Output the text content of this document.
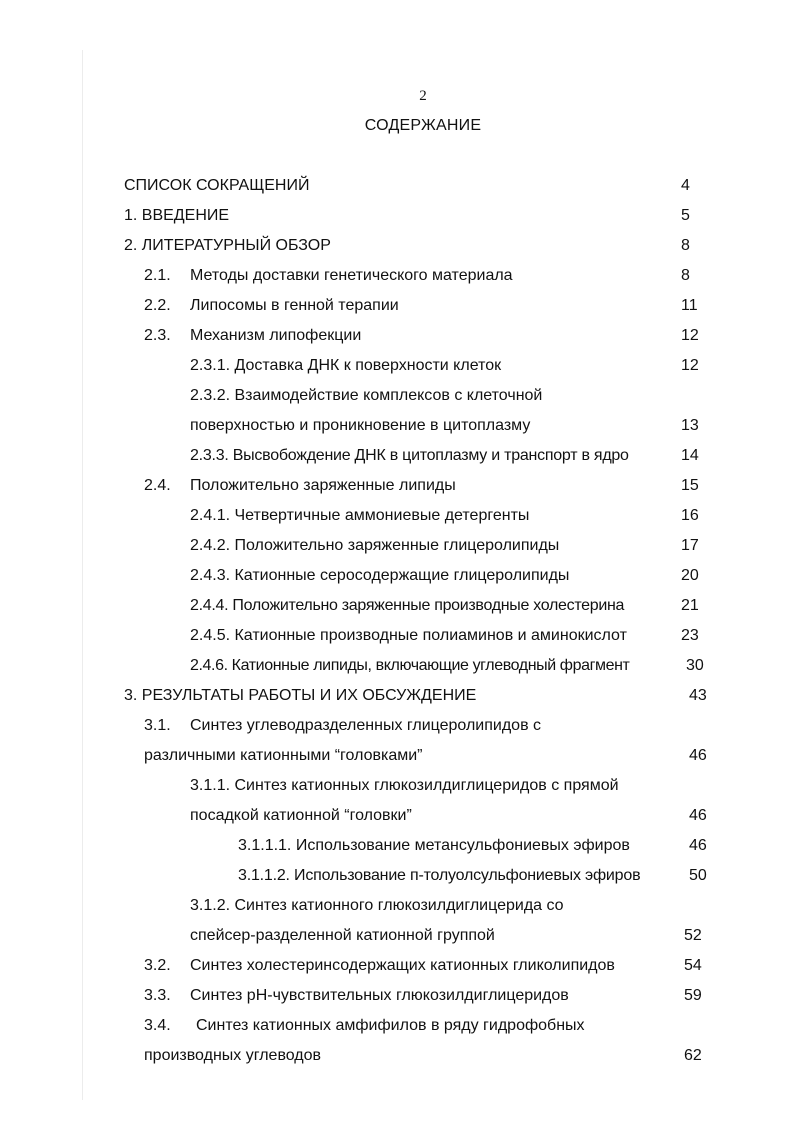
2
СОДЕРЖАНИЕ
СПИСОК СОКРАЩЕНИЙ	4
1. ВВЕДЕНИЕ	5
2. ЛИТЕРАТУРНЫЙ ОБЗОР	8
2.1. Методы доставки генетического материала	8
2.2. Липосомы в генной терапии	11
2.3. Механизм липофекции	12
2.3.1. Доставка ДНК к поверхности клеток	12
2.3.2. Взаимодействие комплексов с клеточной
поверхностью и проникновение в цитоплазму	13
2.3.3. Высвобождение ДНК в цитоплазму и транспорт в ядро	14
2.4. Положительно заряженные липиды	15
2.4.1. Четвертичные аммониевые детергенты	16
2.4.2. Положительно заряженные глицеролипиды	17
2.4.3. Катионные серосодержащие глицеролипиды	20
2.4.4. Положительно заряженные производные холестерина	21
2.4.5. Катионные производные полиаминов и аминокислот	23
2.4.6. Катионные липиды, включающие углеводный фрагмент	30
3. РЕЗУЛЬТАТЫ РАБОТЫ И ИХ ОБСУЖДЕНИЕ	43
3.1. Синтез углеводразделенных глицеролипидов с
различными катионными “головками”	46
3.1.1. Синтез катионных глюкозилдиглицеридов с прямой
посадкой катионной “головки”	46
3.1.1.1. Использование метансульфониевых эфиров	46
3.1.1.2. Использование п-толуолсульфониевых эфиров	50
3.1.2. Синтез катионного глюкозилдиглицерида со
спейсер-разделенной катионной группой	52
3.2. Синтез холестеринсодержащих катионных гликолипидов	54
3.3. Синтез pH-чувствительных глюкозилдиглицеридов	59
3.4. Синтез катионных амфифилов в ряду гидрофобных
производных углеводов	62
